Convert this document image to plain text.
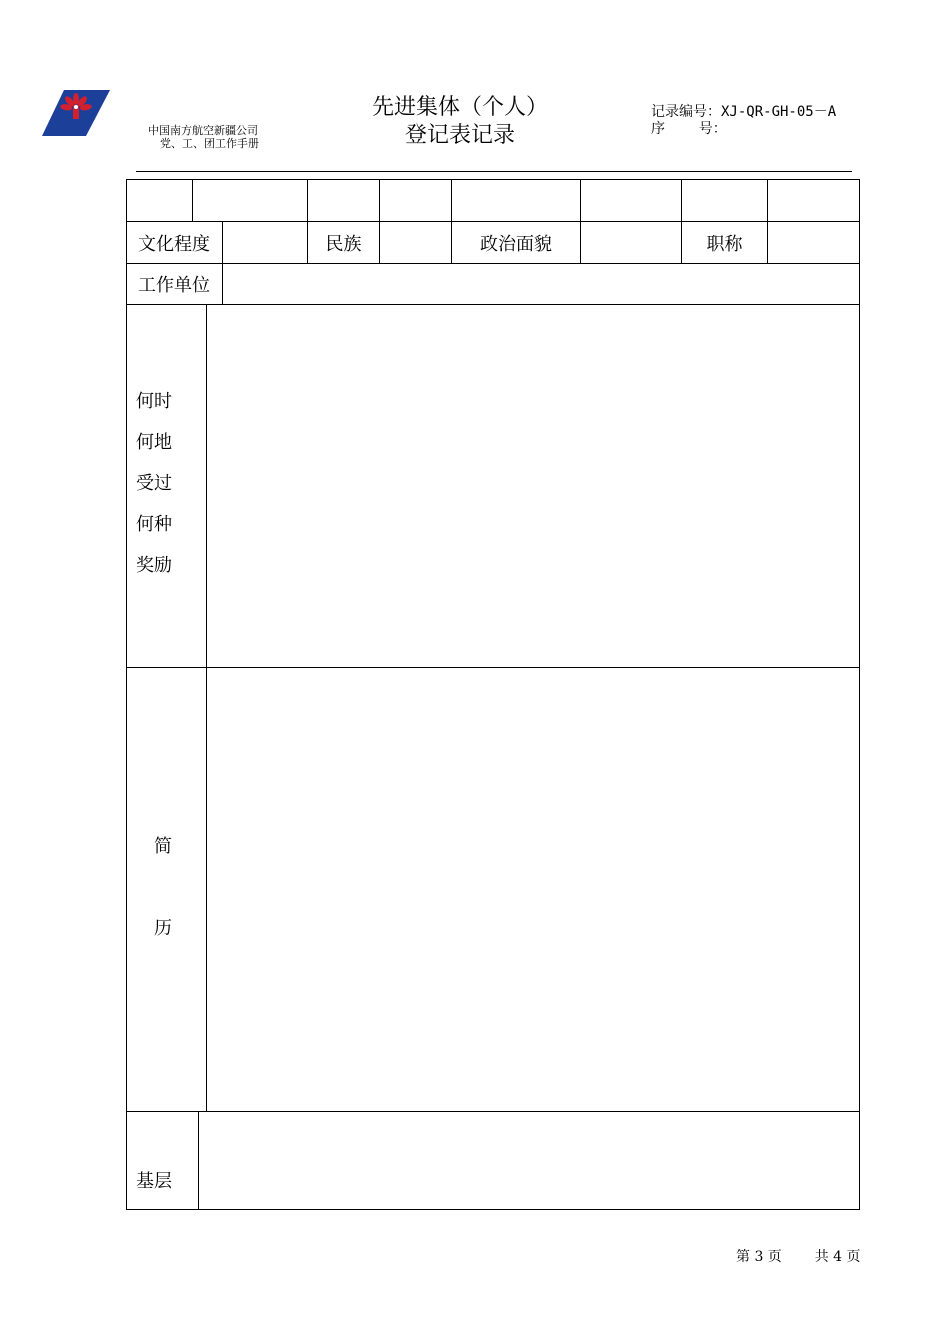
中国南方航空新疆公司
党、工、团工作手册
先进集体（个人）
登记表记录
记录编号：XJ-QR-GH-05－A
序    号：
文化程度	民族	政治面貌	职称
工作单位
何时
何地
受过
何种
奖励
简
历
基层
第 3 页 共 4 页
